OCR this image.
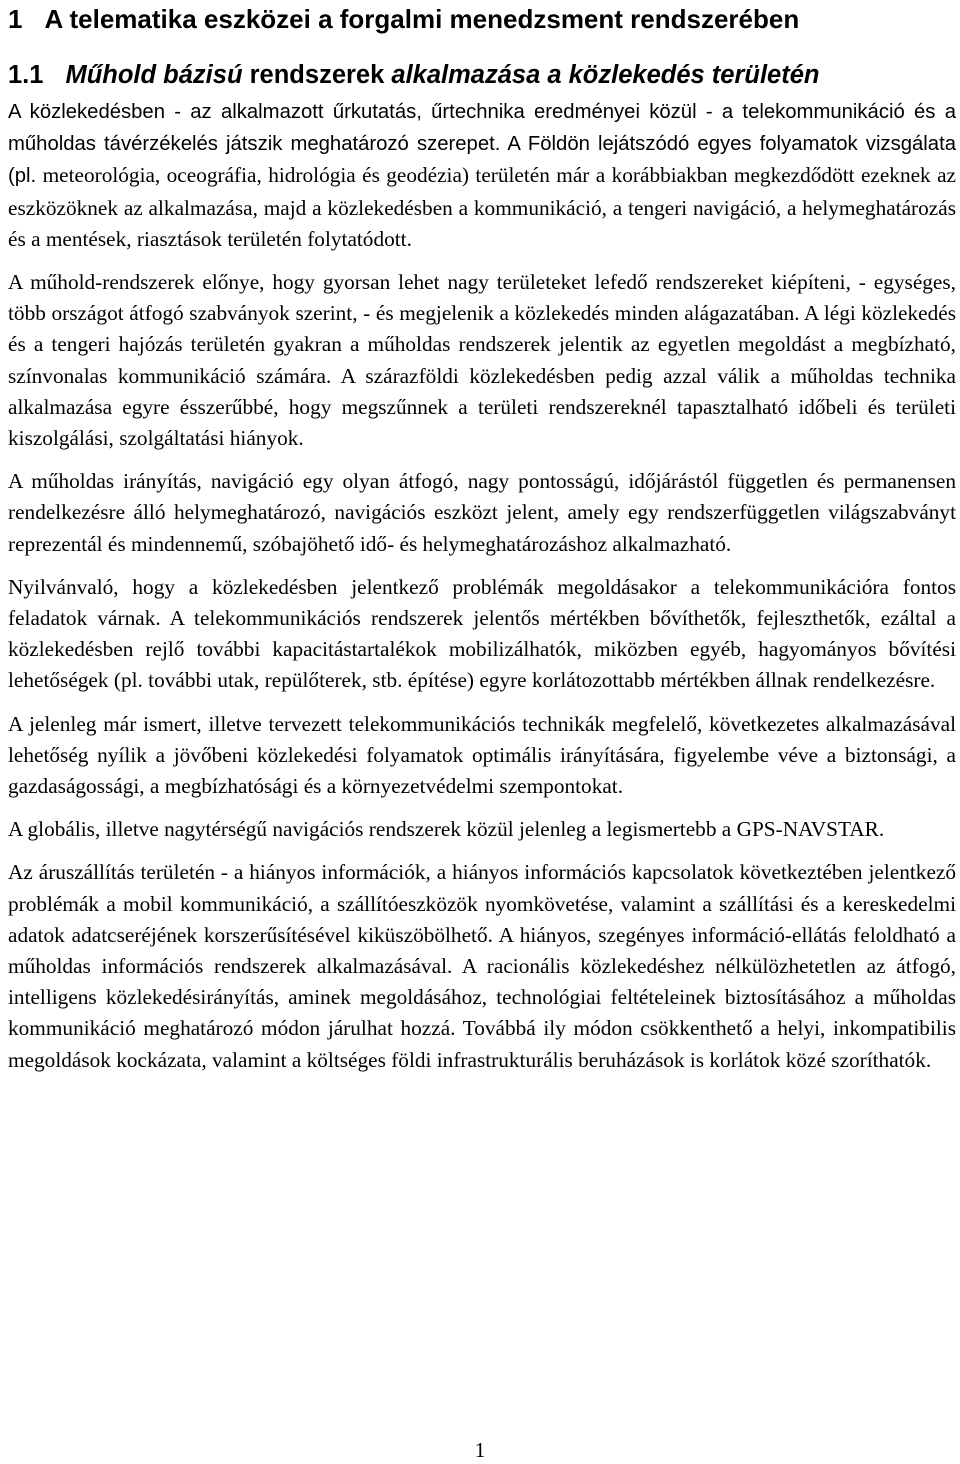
1 A telematika eszközei a forgalmi menedzsment rendszerében
1.1 Műhold bázisú rendszerek alkalmazása a közlekedés területén

A közlekedésben - az alkalmazott űrkutatás, űrtechnika eredményei közül - a telekommunikáció és a műholdas távérzékelés játszik meghatározó szerepet. A Földön lejátszódó egyes folyamatok vizsgálata (pl. meteorológia, oceográfia, hidrológia és geodézia) területén már a korábbiakban megkezdődött ezeknek az eszközöknek az alkalmazása, majd a közlekedésben a kommunikáció, a tengeri navigáció, a helymeghatározás és a mentések, riasztások területén folytatódott.

A műhold-rendszerek előnye, hogy gyorsan lehet nagy területeket lefedő rendszereket kiépíteni, - egységes, több országot átfogó szabványok szerint, - és megjelenik a közlekedés minden alágazatában. A légi közlekedés és a tengeri hajózás területén gyakran a műholdas rendszerek jelentik az egyetlen megoldást a megbízható, színvonalas kommunikáció számára. A szárazföldi közlekedésben pedig azzal válik a műholdas technika alkalmazása egyre ésszerűbbé, hogy megszűnnek a területi rendszereknél tapasztalható időbeli és területi kiszolgálási, szolgáltatási hiányok.

A műholdas irányítás, navigáció egy olyan átfogó, nagy pontosságú, időjárástól független és permanensen rendelkezésre álló helymeghatározó, navigációs eszközt jelent, amely egy rendszerfüggetlen világszabványt reprezentál és mindennemű, szóbajöhető idő- és helymeghatározáshoz alkalmazható.

Nyilvánvaló, hogy a közlekedésben jelentkező problémák megoldásakor a telekommunikációra fontos feladatok várnak. A telekommunikációs rendszerek jelentős mértékben bővíthetők, fejleszthetők, ezáltal a közlekedésben rejlő további kapacitástartalékok mobilizálhatók, miközben egyéb, hagyományos bővítési lehetőségek (pl. további utak, repülőterek, stb. építése) egyre korlátozottabb mértékben állnak rendelkezésre.

A jelenleg már ismert, illetve tervezett telekommunikációs technikák megfelelő, következetes alkalmazásával lehetőség nyílik a jövőbeni közlekedési folyamatok optimális irányítására, figyelembe véve a biztonsági, a gazdaságossági, a megbízhatósági és a környezetvédelmi szempontokat.

A globális, illetve nagytérségű navigációs rendszerek közül jelenleg a legismertebb a GPS-NAVSTAR.

Az áruszállítás területén - a hiányos információk, a hiányos információs kapcsolatok következtében jelentkező problémák a mobil kommunikáció, a szállítóeszközök nyomkövetése, valamint a szállítási és a kereskedelmi adatok adatcseréjének korszerűsítésével kiküszöbölhető. A hiányos, szegényes információ-ellátás feloldható a műholdas információs rendszerek alkalmazásával. A racionális közlekedéshez nélkülözhetetlen az átfogó, intelligens közlekedésirányítás, aminek megoldásához, technológiai feltételeinek biztosításához a műholdas kommunikáció meghatározó módon járulhat hozzá. Továbbá ily módon csökkenthető a helyi, inkompatibilis megoldások kockázata, valamint a költséges földi infrastrukturális beruházások is korlátok közé szoríthatók.

1
